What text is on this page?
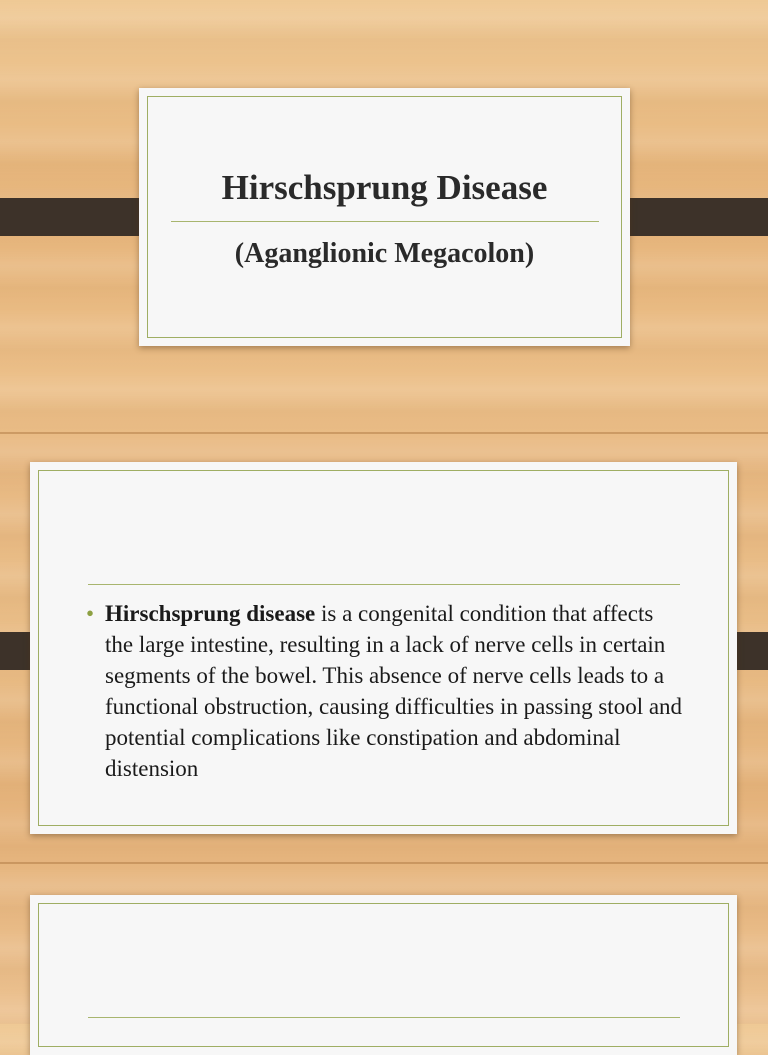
Hirschsprung Disease
(Aganglionic Megacolon)
• Hirschsprung disease is a congenital condition that affects the large intestine, resulting in a lack of nerve cells in certain segments of the bowel. This absence of nerve cells leads to a functional obstruction, causing difficulties in passing stool and potential complications like constipation and abdominal distension
